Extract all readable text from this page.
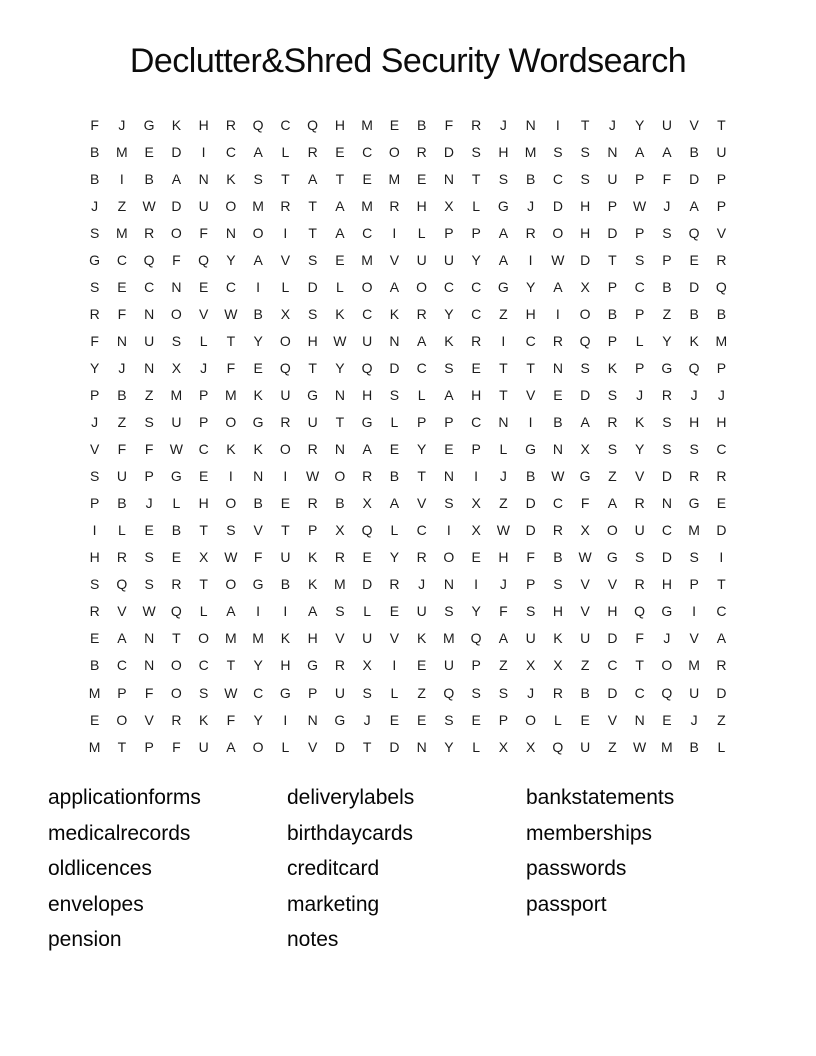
Declutter&Shred Security Wordsearch
F	J	G	K	H	R	Q	C	Q	H	M	E	B	F	R	J	N	I	T	J	Y	U	V	T
B	M	E	D	I	C	A	L	R	E	C	O	R	D	S	H	M	S	S	N	A	A	B	U
B	I	B	A	N	K	S	T	A	T	E	M	E	N	T	S	B	C	S	U	P	F	D	P
J	Z	W	D	U	O	M	R	T	A	M	R	H	X	L	G	J	D	H	P	W	J	A	P
S	M	R	O	F	N	O	I	T	A	C	I	L	P	P	A	R	O	H	D	P	S	Q	V
G	C	Q	F	Q	Y	A	V	S	E	M	V	U	U	Y	A	I	W	D	T	S	P	E	R
S	E	C	N	E	C	I	L	D	L	O	A	O	C	C	G	Y	A	X	P	C	B	D	Q
R	F	N	O	V	W	B	X	S	K	C	K	R	Y	C	Z	H	I	O	B	P	Z	B	B
F	N	U	S	L	T	Y	O	H	W	U	N	A	K	R	I	C	R	Q	P	L	Y	K	M
Y	J	N	X	J	F	E	Q	T	Y	Q	D	C	S	E	T	T	N	S	K	P	G	Q	P
P	B	Z	M	P	M	K	U	G	N	H	S	L	A	H	T	V	E	D	S	J	R	J	J
J	Z	S	U	P	O	G	R	U	T	G	L	P	P	C	N	I	B	A	R	K	S	H	H
V	F	F	W	C	K	K	O	R	N	A	E	Y	E	P	L	G	N	X	S	Y	S	S	C
S	U	P	G	E	I	N	I	W	O	R	B	T	N	I	J	B	W	G	Z	V	D	R	R
P	B	J	L	H	O	B	E	R	B	X	A	V	S	X	Z	D	C	F	A	R	N	G	E
I	L	E	B	T	S	V	T	P	X	Q	L	C	I	X	W	D	R	X	O	U	C	M	D
H	R	S	E	X	W	F	U	K	R	E	Y	R	O	E	H	F	B	W	G	S	D	S	I
S	Q	S	R	T	O	G	B	K	M	D	R	J	N	I	J	P	S	V	V	R	H	P	T
R	V	W	Q	L	A	I	I	A	S	L	E	U	S	Y	F	S	H	V	H	Q	G	I	C
E	A	N	T	O	M	M	K	H	V	U	V	K	M	Q	A	U	K	U	D	F	J	V	A
B	C	N	O	C	T	Y	H	G	R	X	I	E	U	P	Z	X	X	Z	C	T	O	M	R
M	P	F	O	S	W	C	G	P	U	S	L	Z	Q	S	S	J	R	B	D	C	Q	U	D
E	O	V	R	K	F	Y	I	N	G	J	E	E	S	E	P	O	L	E	V	N	E	J	Z
M	T	P	F	U	A	O	L	V	D	T	D	N	Y	L	X	X	Q	U	Z	W	M	B	L
applicationforms
medicalrecords
oldlicences
envelopes
pension
deliverylabels
birthdaycards
creditcard
marketing
notes
bankstatements
memberships
passwords
passport
